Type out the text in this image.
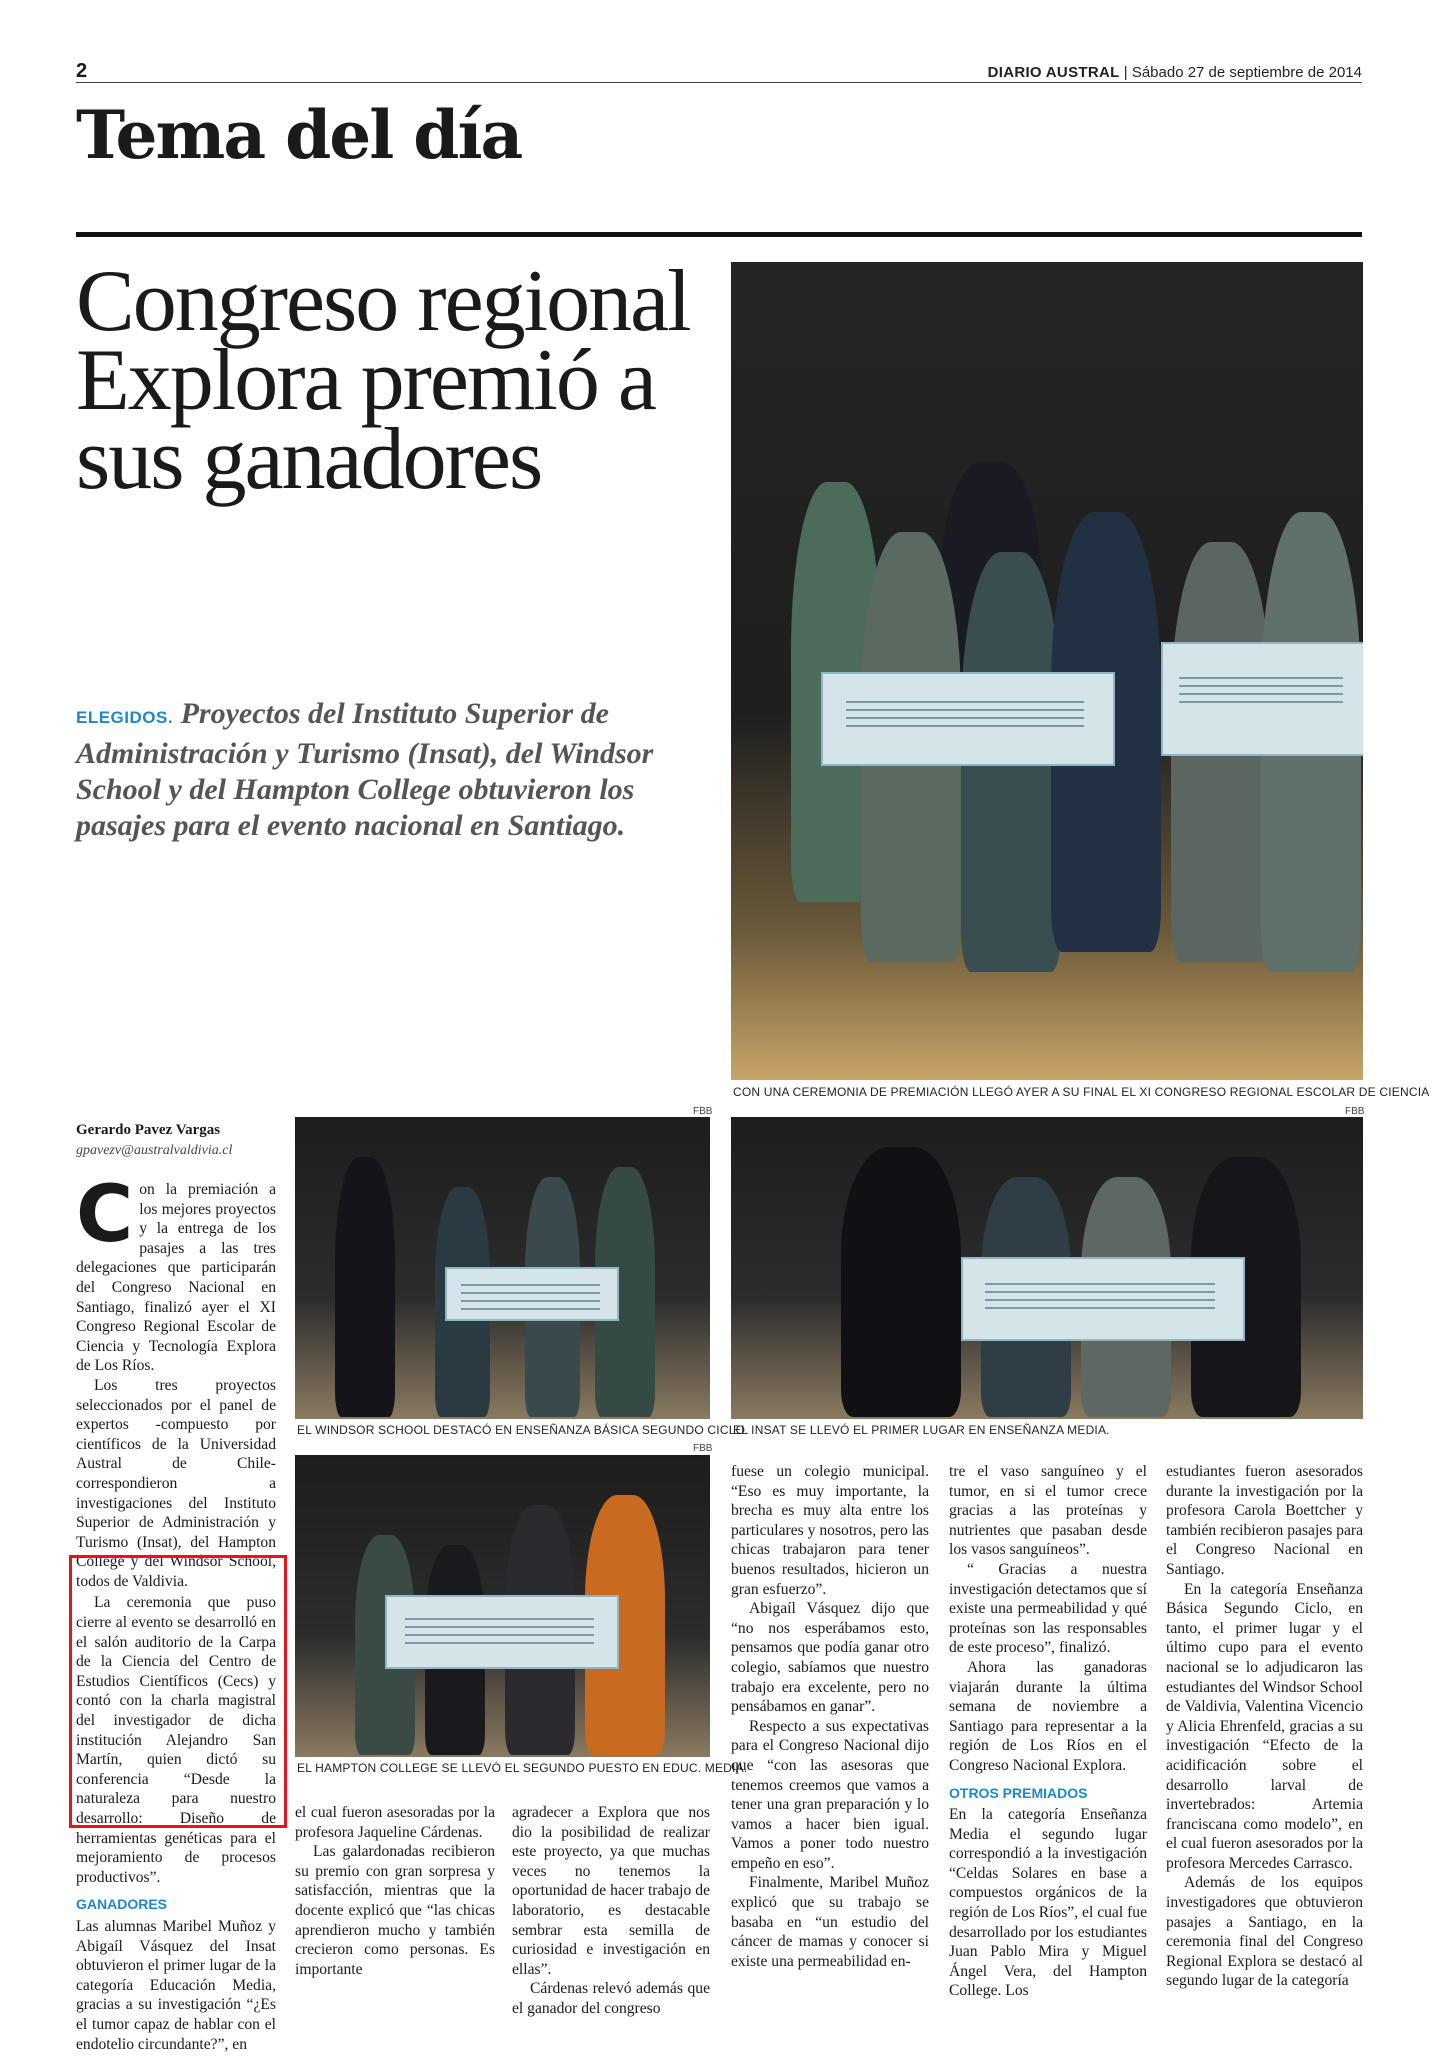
2	DIARIO AUSTRAL | Sábado 27 de septiembre de 2014
Tema del día
Congreso regional Explora premió a sus ganadores
ELEGIDOS. Proyectos del Instituto Superior de Administración y Turismo (Insat), del Windsor School y del Hampton College obtuvieron los pasajes para el evento nacional en Santiago.
CON UNA CEREMONIA DE PREMIACIÓN LLEGÓ AYER A SU FINAL EL XI CONGRESO REGIONAL ESCOLAR DE CIENCIA
FBB
FBB
EL WINDSOR SCHOOL DESTACÓ EN ENSEÑANZA BÁSICA SEGUNDO CICLO.
EL INSAT SE LLEVÓ EL PRIMER LUGAR EN ENSEÑANZA MEDIA.
FBB
EL HAMPTON COLLEGE SE LLEVÓ EL SEGUNDO PUESTO EN EDUC. MEDIA.
Gerardo Pavez Vargas
gpavezv@australvaldivia.cl

Con la premiación a los mejores proyectos y la entrega de los pasajes a las tres delegaciones que participarán del Congreso Nacional en Santiago, finalizó ayer el XI Congreso Regional Escolar de Ciencia y Tecnología Explora de Los Ríos.

Los tres proyectos seleccionados por el panel de expertos -compuesto por científicos de la Universidad Austral de Chile- correspondieron a investigaciones del Instituto Superior de Administración y Turismo (Insat), del Hampton College y del Windsor School, todos de Valdivia.

La ceremonia que puso cierre al evento se desarrolló en el salón auditorio de la Carpa de la Ciencia del Centro de Estudios Científicos (Cecs) y contó con la charla magistral del investigador de dicha institución Alejandro San Martín, quien dictó su conferencia “Desde la naturaleza para nuestro desarrollo: Diseño de herramientas genéticas para el mejoramiento de procesos productivos”.

GANADORES

Las alumnas Maribel Muñoz y Abigaíl Vásquez del Insat obtuvieron el primer lugar de la categoría Educación Media, gracias a su investigación “¿Es el tumor capaz de hablar con el endotelio circundante?”, en

el cual fueron asesoradas por la profesora Jaqueline Cárdenas.

Las galardonadas recibieron su premio con gran sorpresa y satisfacción, mientras que la docente explicó que “las chicas aprendieron mucho y también crecieron como personas. Es importante

agradecer a Explora que nos dio la posibilidad de realizar este proyecto, ya que muchas veces no tenemos la oportunidad de hacer trabajo de laboratorio, es destacable sembrar esta semilla de curiosidad e investigación en ellas”.

Cárdenas relevó además que el ganador del congreso

fuese un colegio municipal. “Eso es muy importante, la brecha es muy alta entre los particulares y nosotros, pero las chicas trabajaron para tener buenos resultados, hicieron un gran esfuerzo”.

Abigaíl Vásquez dijo que “no nos esperábamos esto, pensamos que podía ganar otro colegio, sabíamos que nuestro trabajo era excelente, pero no pensábamos en ganar”.

Respecto a sus expectativas para el Congreso Nacional dijo que “con las asesoras que tenemos creemos que vamos a tener una gran preparación y lo vamos a hacer bien igual. Vamos a poner todo nuestro empeño en eso”.

Finalmente, Maribel Muñoz explicó que su trabajo se basaba en “un estudio del cáncer de mamas y conocer si existe una permeabilidad en-

tre el vaso sanguíneo y el tumor, en si el tumor crece gracias a las proteínas y nutrientes que pasaban desde los vasos sanguíneos”.

“ Gracias a nuestra investigación detectamos que sí existe una permeabilidad y qué proteínas son las responsables de este proceso”, finalizó.

Ahora las ganadoras viajarán durante la última semana de noviembre a Santiago para representar a la región de Los Ríos en el Congreso Nacional Explora.

OTROS PREMIADOS

En la categoría Enseñanza Media el segundo lugar correspondió a la investigación “Celdas Solares en base a compuestos orgánicos de la región de Los Ríos”, el cual fue desarrollado por los estudiantes Juan Pablo Mira y Miguel Ángel Vera, del Hampton College. Los

estudiantes fueron asesorados durante la investigación por la profesora Carola Boettcher y también recibieron pasajes para el Congreso Nacional en Santiago.

En la categoría Enseñanza Básica Segundo Ciclo, en tanto, el primer lugar y el último cupo para el evento nacional se lo adjudicaron las estudiantes del Windsor School de Valdivia, Valentina Vicencio y Alicia Ehrenfeld, gracias a su investigación “Efecto de la acidificación sobre el desarrollo larval de invertebrados: Artemia franciscana como modelo”, en el cual fueron asesorados por la profesora Mercedes Carrasco.

Además de los equipos investigadores que obtuvieron pasajes a Santiago, en la ceremonia final del Congreso Regional Explora se destacó al segundo lugar de la categoría
